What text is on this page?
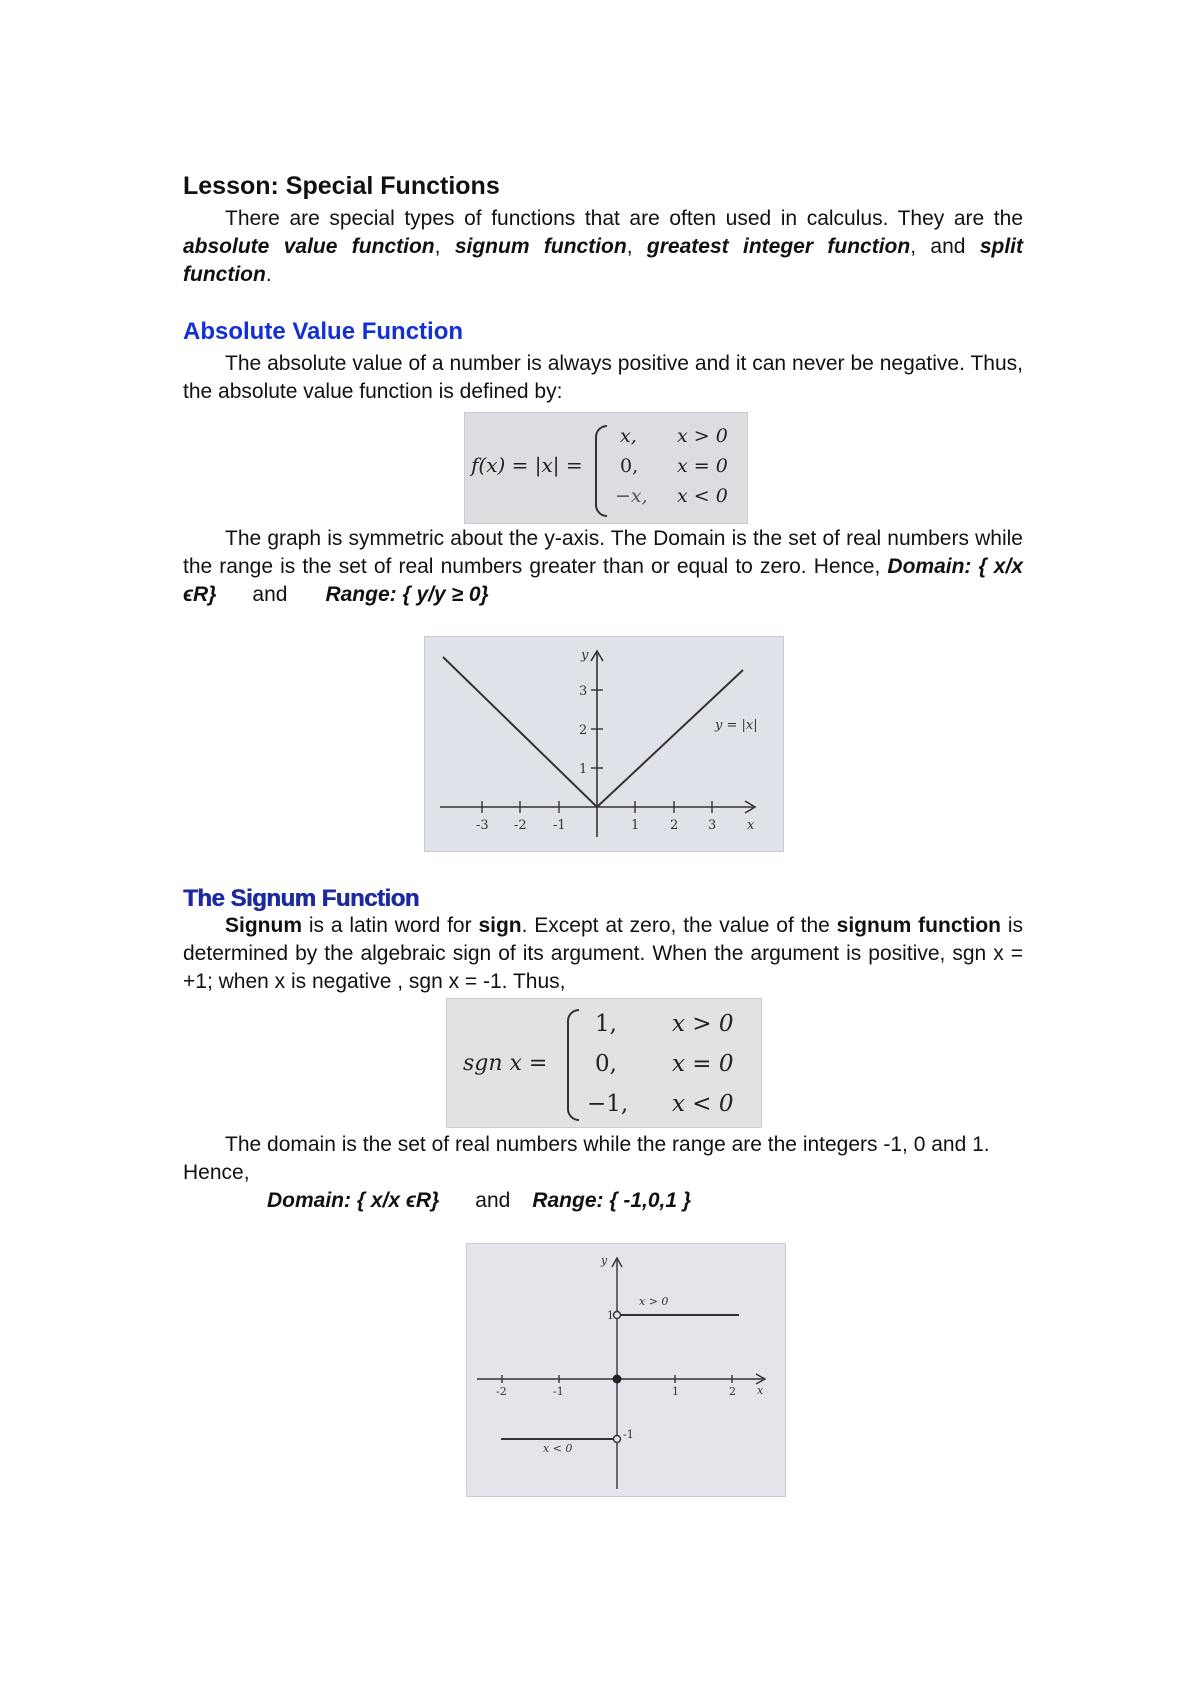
Lesson: Special Functions

There are special types of functions that are often used in calculus. They are the absolute value function, signum function, greatest integer function, and split function.

Absolute Value Function

The absolute value of a number is always positive and it can never be negative. Thus, the absolute value function is defined by:

f(x) = |x| =
x, x > 0
0, x = 0
−x, x < 0

The graph is symmetric about the y-axis. The Domain is the set of real numbers while the range is the set of real numbers greater than or equal to zero. Hence, Domain: { x/x ϵR} and Range: { y/y ≥ 0}

-3 -2 -1	1 2 3 x
1
2
3
y
y = |x|
The Signum Function

Signum is a latin word for sign. Except at zero, the value of the signum function is determined by the algebraic sign of its argument. When the argument is positive, sgn x = +1; when x is negative , sgn x = -1. Thus,

sgn x =
1, x > 0
0, x = 0
−1, x < 0

The domain is the set of real numbers while the range are the integers -1, 0 and 1. Hence,

Domain: { x/x ϵR} and Range: { -1,0,1 }

-2	-1	1	2 x
y
1
-1
x > 0
x < 0
